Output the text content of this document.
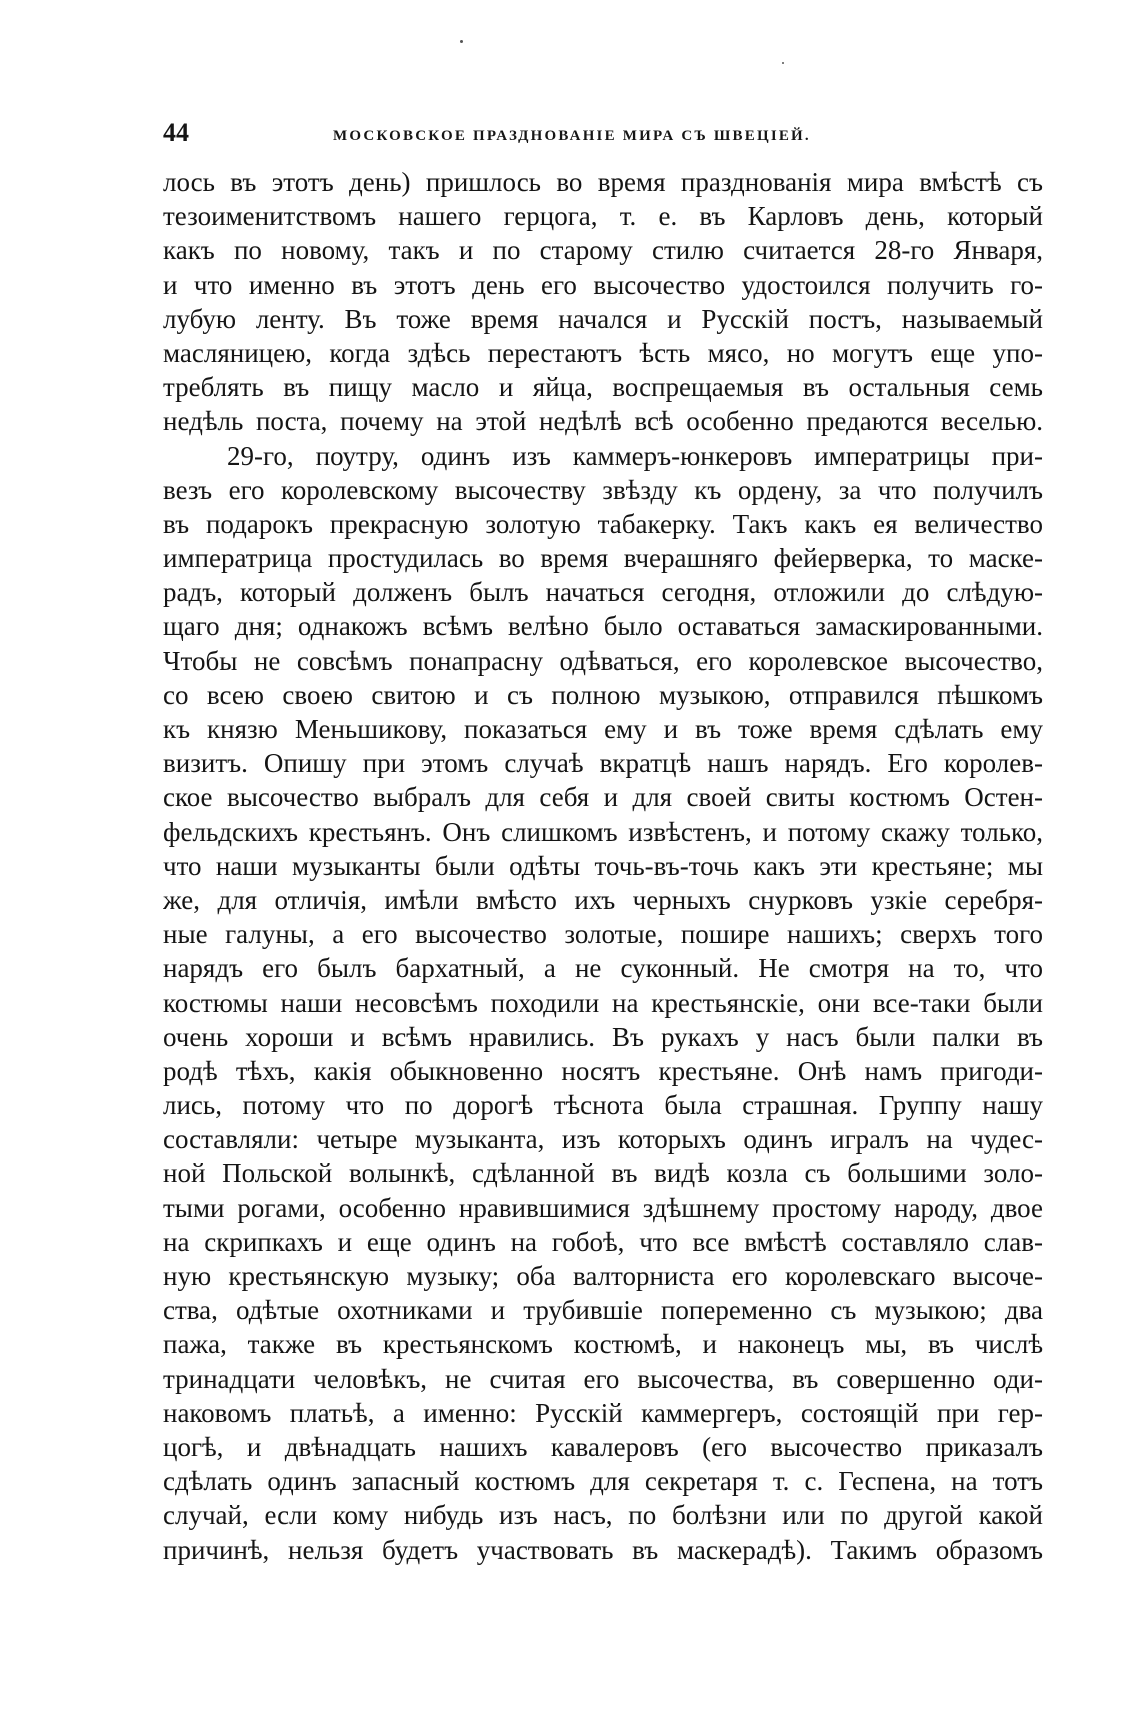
44	МОСКОВСКОЕ ПРАЗДНОВАНІЕ МИРА СЪ ШВЕЦІЕЙ.
лось въ этотъ день) пришлось во время празднованія мира вмѣстѣ съ
тезоименитствомъ нашего герцога, т. е. въ Карловъ день, который
какъ по новому, такъ и по старому стилю считается 28-го Января,
и что именно въ этотъ день его высочество удостоился получить го-
лубую ленту. Въ тоже время начался и Русскій постъ, называемый
масляницею, когда здѣсь перестаютъ ѣсть мясо, но могутъ еще упо-
треблять въ пищу масло и яйца, воспрещаемыя въ остальныя семь
недѣль поста, почему на этой недѣлѣ всѣ особенно предаются веселью.
29-го, поутру, одинъ изъ каммеръ-юнкеровъ императрицы при-
везъ его королевскому высочеству звѣзду къ ордену, за что получилъ
въ подарокъ прекрасную золотую табакерку. Такъ какъ ея величество
императрица простудилась во время вчерашняго фейерверка, то маске-
радъ, который долженъ былъ начаться сегодня, отложили до слѣдую-
щаго дня; однакожъ всѣмъ велѣно было оставаться замаскированными.
Чтобы не совсѣмъ понапрасну одѣваться, его королевское высочество,
со всею своею свитою и съ полною музыкою, отправился пѣшкомъ
къ князю Меньшикову, показаться ему и въ тоже время сдѣлать ему
визитъ. Опишу при этомъ случаѣ вкратцѣ нашъ нарядъ. Его королев-
ское высочество выбралъ для себя и для своей свиты костюмъ Остен-
фельдскихъ крестьянъ. Онъ слишкомъ извѣстенъ, и потому скажу только,
что наши музыканты были одѣты точь-въ-точь какъ эти крестьяне; мы
же, для отличія, имѣли вмѣсто ихъ черныхъ снурковъ узкіе серебря-
ные галуны, а его высочество золотые, пошире нашихъ; сверхъ того
нарядъ его былъ бархатный, а не суконный. Не смотря на то, что
костюмы наши несовсѣмъ походили на крестьянскіе, они все-таки были
очень хороши и всѣмъ нравились. Въ рукахъ у насъ были палки въ
родѣ тѣхъ, какія обыкновенно носятъ крестьяне. Онѣ намъ пригоди-
лись, потому что по дорогѣ тѣснота была страшная. Группу нашу
составляли: четыре музыканта, изъ которыхъ одинъ игралъ на чудес-
ной Польской волынкѣ, сдѣланной въ видѣ козла съ большими золо-
тыми рогами, особенно нравившимися здѣшнему простому народу, двое
на скрипкахъ и еще одинъ на гобоѣ, что все вмѣстѣ составляло слав-
ную крестьянскую музыку; оба валторниста его королевскаго высоче-
ства, одѣтые охотниками и трубившіе попеременно съ музыкою; два
пажа, также въ крестьянскомъ костюмѣ, и наконецъ мы, въ числѣ
тринадцати человѣкъ, не считая его высочества, въ совершенно оди-
наковомъ платьѣ, а именно: Русскій каммергеръ, состоящій при гер-
цогѣ, и двѣнадцать нашихъ кавалеровъ (его высочество приказалъ
сдѣлать одинъ запасный костюмъ для секретаря т. с. Геспена, на тотъ
случай, если кому нибудь изъ насъ, по болѣзни или по другой какой
причинѣ, нельзя будетъ участвовать въ маскерадѣ). Такимъ образомъ
